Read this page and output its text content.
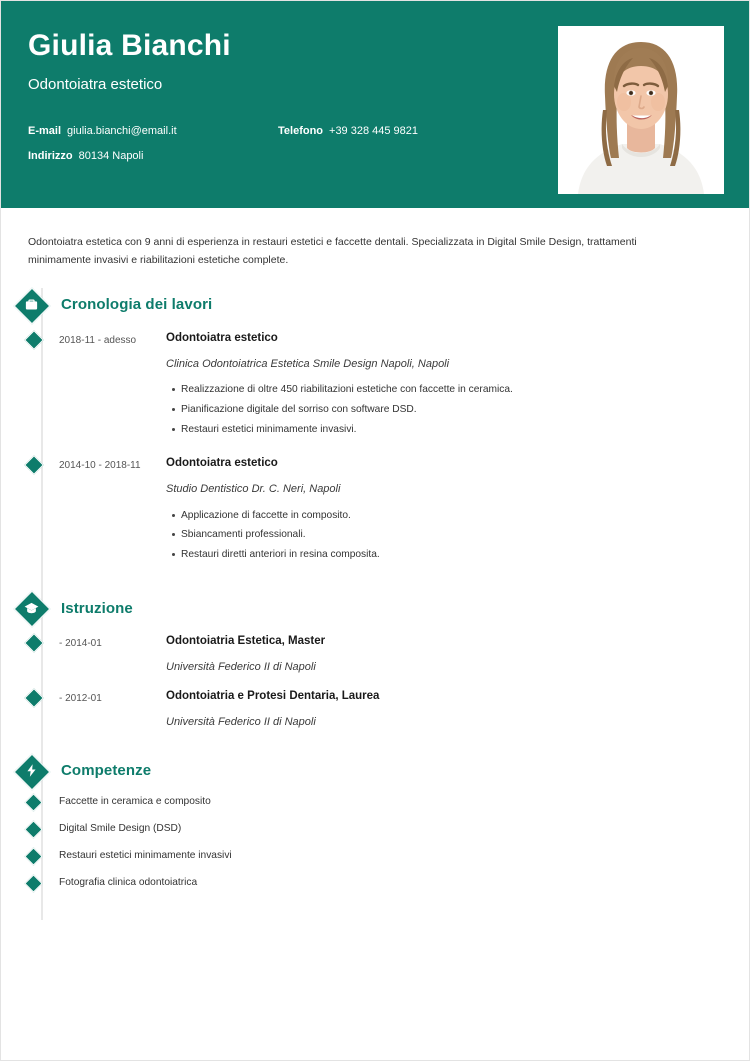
Giulia Bianchi
Odontoiatra estetico
E-mail giulia.bianchi@email.it	Telefono +39 328 445 9821
Indirizzo 80134 Napoli

Odontoiatra estetica con 9 anni di esperienza in restauri estetici e faccette dentali. Specializzata in Digital Smile Design, trattamenti minimamente invasivi e riabilitazioni estetiche complete.

Cronologia dei lavori
2018-11 - adesso	Odontoiatra estetico
Clinica Odontoiatrica Estetica Smile Design Napoli, Napoli
Realizzazione di oltre 450 riabilitazioni estetiche con faccette in ceramica.
Pianificazione digitale del sorriso con software DSD.
Restauri estetici minimamente invasivi.
2014-10 - 2018-11	Odontoiatra estetico
Studio Dentistico Dr. C. Neri, Napoli
Applicazione di faccette in composito.
Sbiancamenti professionali.
Restauri diretti anteriori in resina composita.
Istruzione
- 2014-01	Odontoiatria Estetica, Master
Università Federico II di Napoli
- 2012-01	Odontoiatria e Protesi Dentaria, Laurea
Università Federico II di Napoli
Competenze
Faccette in ceramica e composito
Digital Smile Design (DSD)
Restauri estetici minimamente invasivi
Fotografia clinica odontoiatrica
